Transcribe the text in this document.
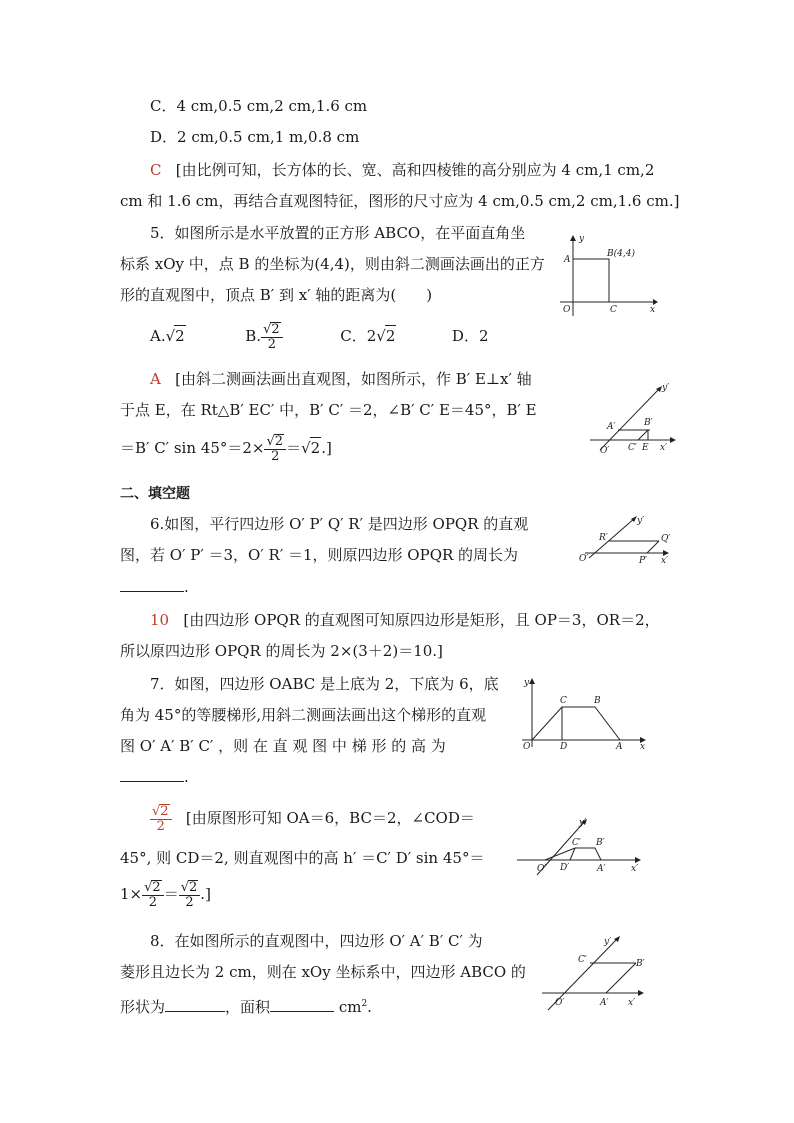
C．4 cm,0.5 cm,2 cm,1.6 cm
D．2 cm,0.5 cm,1 m,0.8 cm
C [由比例可知，长方体的长、宽、高和四棱锥的高分别应为 4 cm,1 cm,2
cm 和 1.6 cm，再结合直观图特征，图形的尺寸应为 4 cm,0.5 cm,2 cm,1.6 cm.]
5．如图所示是水平放置的正方形 ABCO，在平面直角坐
标系 xOy 中，点 B 的坐标为(4,4)，则由斜二测画法画出的正方
形的直观图中，顶点 B′ 到 x′ 轴的距离为(　　)
A.√2	B. $\frac{√2}{2}$	C．2√2	D．2
y
A
B(4,4)
O	C	x
A [由斜二测画法画出直观图，如图所示，作 B′ E⊥x′ 轴
于点 E，在 Rt△B′ EC′ 中，B′ C′ ＝2，∠B′ C′ E＝45°，B′ E
＝B′ C′ $\sin 45^\circ=2\times \frac{√2}{2} =√2$.]
y′
A′	B′
O′ C′ E x′
二、填空题
6.如图，平行四边形 O′ P′ Q′ R′ 是四边形 OPQR 的直观
图，若 O′ P′ ＝3，O′ R′ ＝1，则原四边形 OPQR 的周长为
.
y′
R′	Q′
O′	P′ x′
10 [由四边形 OPQR 的直观图可知原四边形是矩形，且 OP＝3，OR＝2，
所以原四边形 OPQR 的周长为 2×(3＋2)＝10.]
7．如图，四边形 OABC 是上底为 2，下底为 6，底
角为 45°的等腰梯形,用斜二测画法画出这个梯形的直观
图 O′ A′ B′ C′ ，则 在 直 观 图 中 梯 形 的 高 为
.
y
C	B
O	D	A x
$\frac{√2}{2}$ [由原图形可知 OA＝6，BC＝2，∠COD＝
45°, 则 CD＝2, 则直观图中的高 h′ ＝C′ D′ sin 45°＝
$1\times \frac{√2}{2} = \frac{√2}{2}$ .]
y′
C′ B′
O′ D′	A′	x′
8．在如图所示的直观图中，四边形 O′ A′ B′ C′ 为
菱形且边长为 2 cm，则在 xOy 坐标系中，四边形 ABCO 的
形状为	，面积	$cm^2$.
y′
C′	B′
O′	A′ x′
